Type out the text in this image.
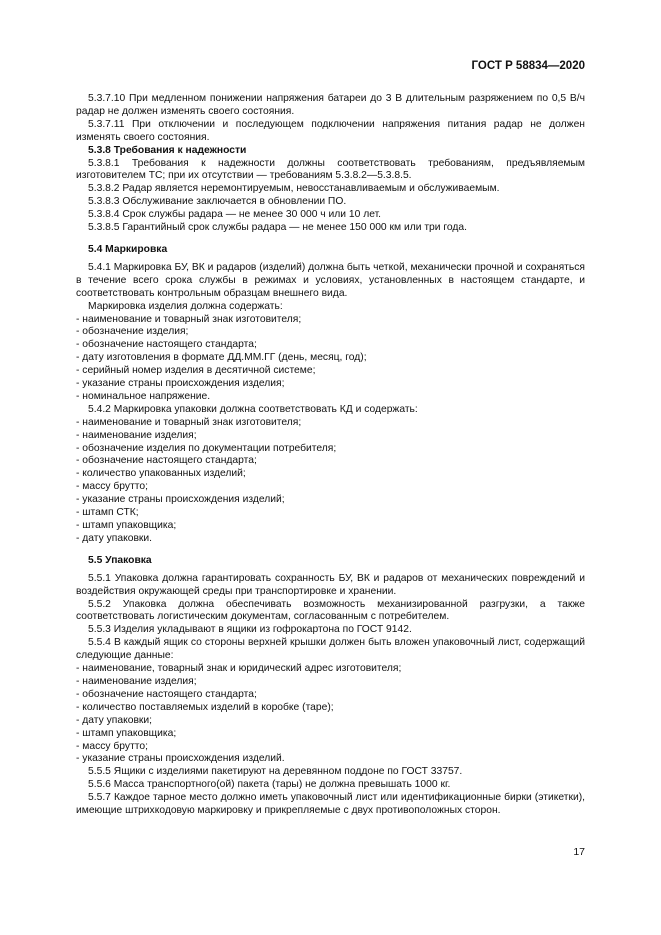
ГОСТ Р 58834—2020

5.3.7.10 При медленном понижении напряжения батареи до 3 В длительным разряжением по 0,5 В/ч радар не должен изменять своего состояния.

5.3.7.11 При отключении и последующем подключении напряжения питания радар не должен изменять своего состояния.

5.3.8 Требования к надежности

5.3.8.1 Требования к надежности должны соответствовать требованиям, предъявляемым изготовителем ТС; при их отсутствии — требованиям 5.3.8.2—5.3.8.5.

5.3.8.2 Радар является неремонтируемым, невосстанавливаемым и обслуживаемым.

5.3.8.3 Обслуживание заключается в обновлении ПО.

5.3.8.4 Срок службы радара — не менее 30 000 ч или 10 лет.

5.3.8.5 Гарантийный срок службы радара — не менее 150 000 км или три года.

5.4 Маркировка

5.4.1 Маркировка БУ, ВК и радаров (изделий) должна быть четкой, механически прочной и сохраняться в течение всего срока службы в режимах и условиях, установленных в настоящем стандарте, и соответствовать контрольным образцам внешнего вида.

Маркировка изделия должна содержать:

- наименование и товарный знак изготовителя;

- обозначение изделия;

- обозначение настоящего стандарта;

- дату изготовления в формате ДД.ММ.ГГ (день, месяц, год);

- серийный номер изделия в десятичной системе;

- указание страны происхождения изделия;

- номинальное напряжение.

5.4.2 Маркировка упаковки должна соответствовать КД и содержать:

- наименование и товарный знак изготовителя;

- наименование изделия;

- обозначение изделия по документации потребителя;

- обозначение настоящего стандарта;

- количество упакованных изделий;

- массу брутто;

- указание страны происхождения изделий;

- штамп СТК;

- штамп упаковщика;

- дату упаковки.

5.5 Упаковка

5.5.1 Упаковка должна гарантировать сохранность БУ, ВК и радаров от механических повреждений и воздействия окружающей среды при транспортировке и хранении.

5.5.2 Упаковка должна обеспечивать возможность механизированной разгрузки, а также соответствовать логистическим документам, согласованным с потребителем.

5.5.3 Изделия укладывают в ящики из гофрокартона по ГОСТ 9142.

5.5.4 В каждый ящик со стороны верхней крышки должен быть вложен упаковочный лист, содержащий следующие данные:

- наименование, товарный знак и юридический адрес изготовителя;

- наименование изделия;

- обозначение настоящего стандарта;

- количество поставляемых изделий в коробке (таре);

- дату упаковки;

- штамп упаковщика;

- массу брутто;

- указание страны происхождения изделий.

5.5.5 Ящики с изделиями пакетируют на деревянном поддоне по ГОСТ 33757.

5.5.6 Масса транспортного(ой) пакета (тары) не должна превышать 1000 кг.

5.5.7 Каждое тарное место должно иметь упаковочный лист или идентификационные бирки (этикетки), имеющие штрихкодовую маркировку и прикрепляемые с двух противоположных сторон.

17
